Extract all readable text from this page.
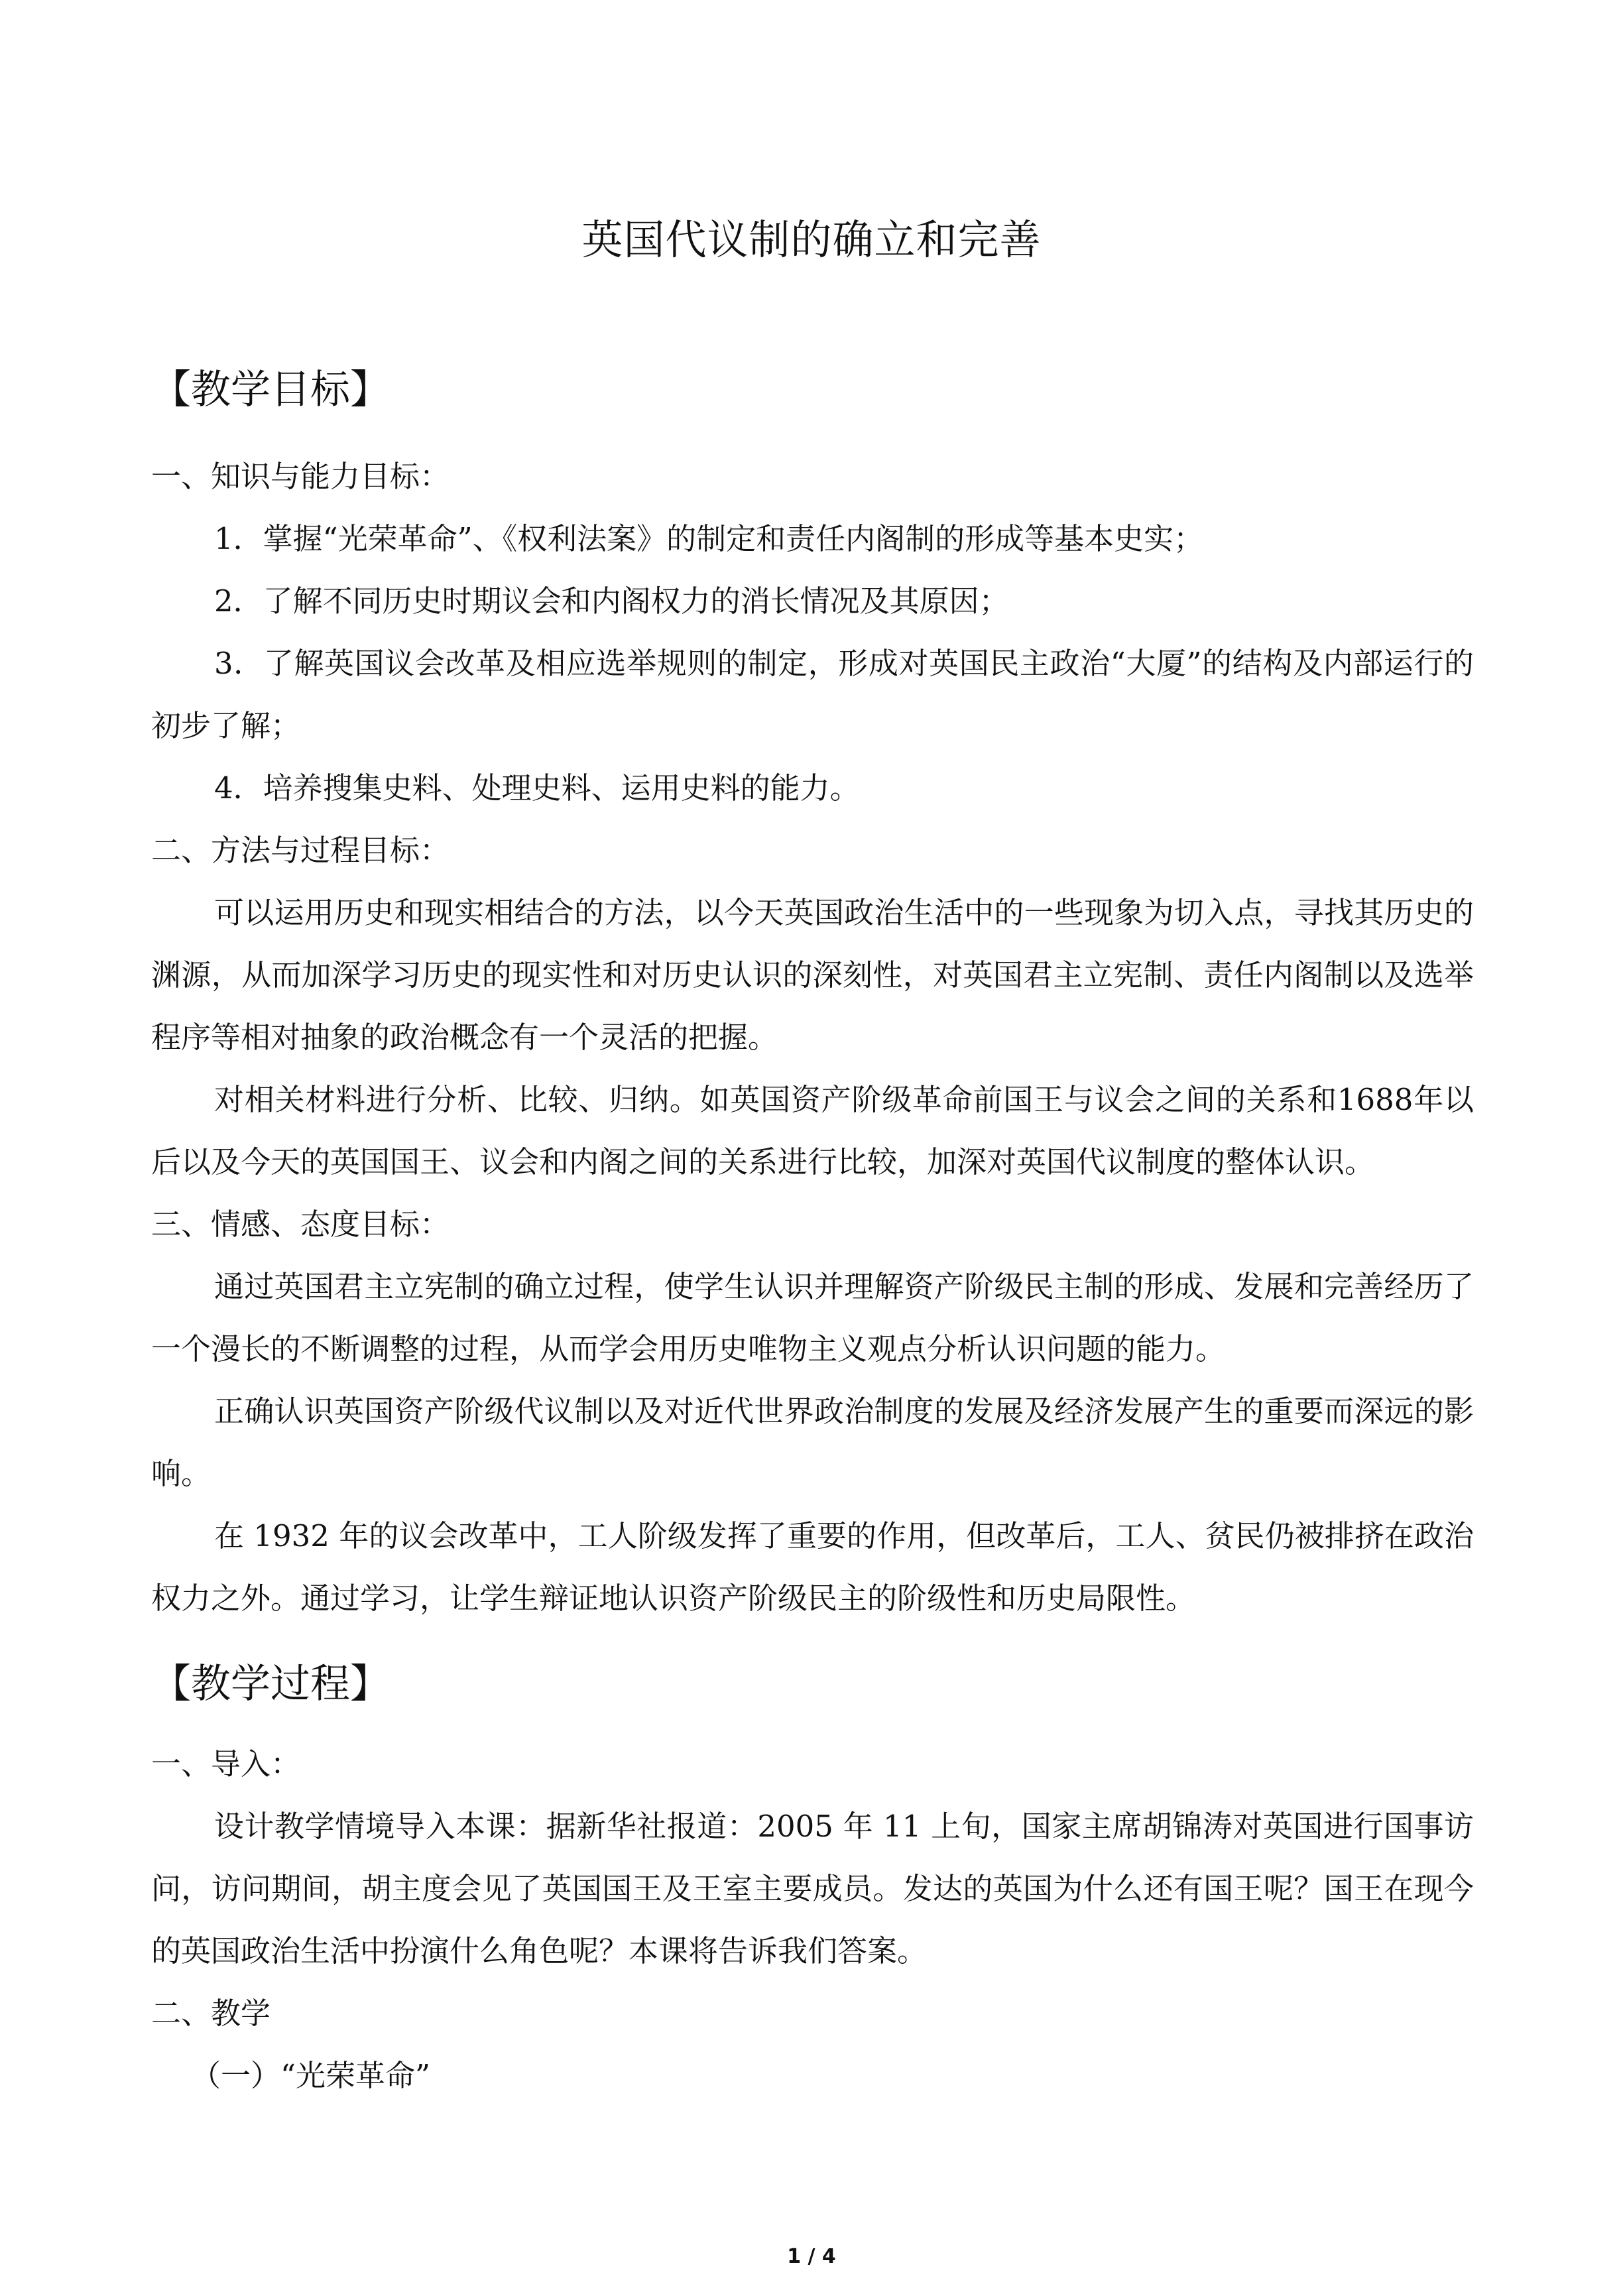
英国代议制的确立和完善
【教学目标】

一、知识与能力目标：

1．掌握“光荣革命”、《权利法案》的制定和责任内阁制的形成等基本史实；

2．了解不同历史时期议会和内阁权力的消长情况及其原因；

3．了解英国议会改革及相应选举规则的制定，形成对英国民主政治“大厦”的结构及内部运行的初步了解；

4．培养搜集史料、处理史料、运用史料的能力。

二、方法与过程目标：

可以运用历史和现实相结合的方法，以今天英国政治生活中的一些现象为切入点，寻找其历史的渊源，从而加深学习历史的现实性和对历史认识的深刻性，对英国君主立宪制、责任内阁制以及选举程序等相对抽象的政治概念有一个灵活的把握。

对相关材料进行分析、比较、归纳。如英国资产阶级革命前国王与议会之间的关系和1688年以后以及今天的英国国王、议会和内阁之间的关系进行比较，加深对英国代议制度的整体认识。

三、情感、态度目标：

通过英国君主立宪制的确立过程，使学生认识并理解资产阶级民主制的形成、发展和完善经历了一个漫长的不断调整的过程，从而学会用历史唯物主义观点分析认识问题的能力。

正确认识英国资产阶级代议制以及对近代世界政治制度的发展及经济发展产生的重要而深远的影响。

在 1932 年的议会改革中，工人阶级发挥了重要的作用，但改革后，工人、贫民仍被排挤在政治权力之外。通过学习，让学生辩证地认识资产阶级民主的阶级性和历史局限性。

【教学过程】

一、导入：

设计教学情境导入本课：据新华社报道：2005 年 11 上旬，国家主席胡锦涛对英国进行国事访问，访问期间，胡主度会见了英国国王及王室主要成员。发达的英国为什么还有国王呢？国王在现今的英国政治生活中扮演什么角色呢？本课将告诉我们答案。

二、教学

（一）“光荣革命”

1 / 4
